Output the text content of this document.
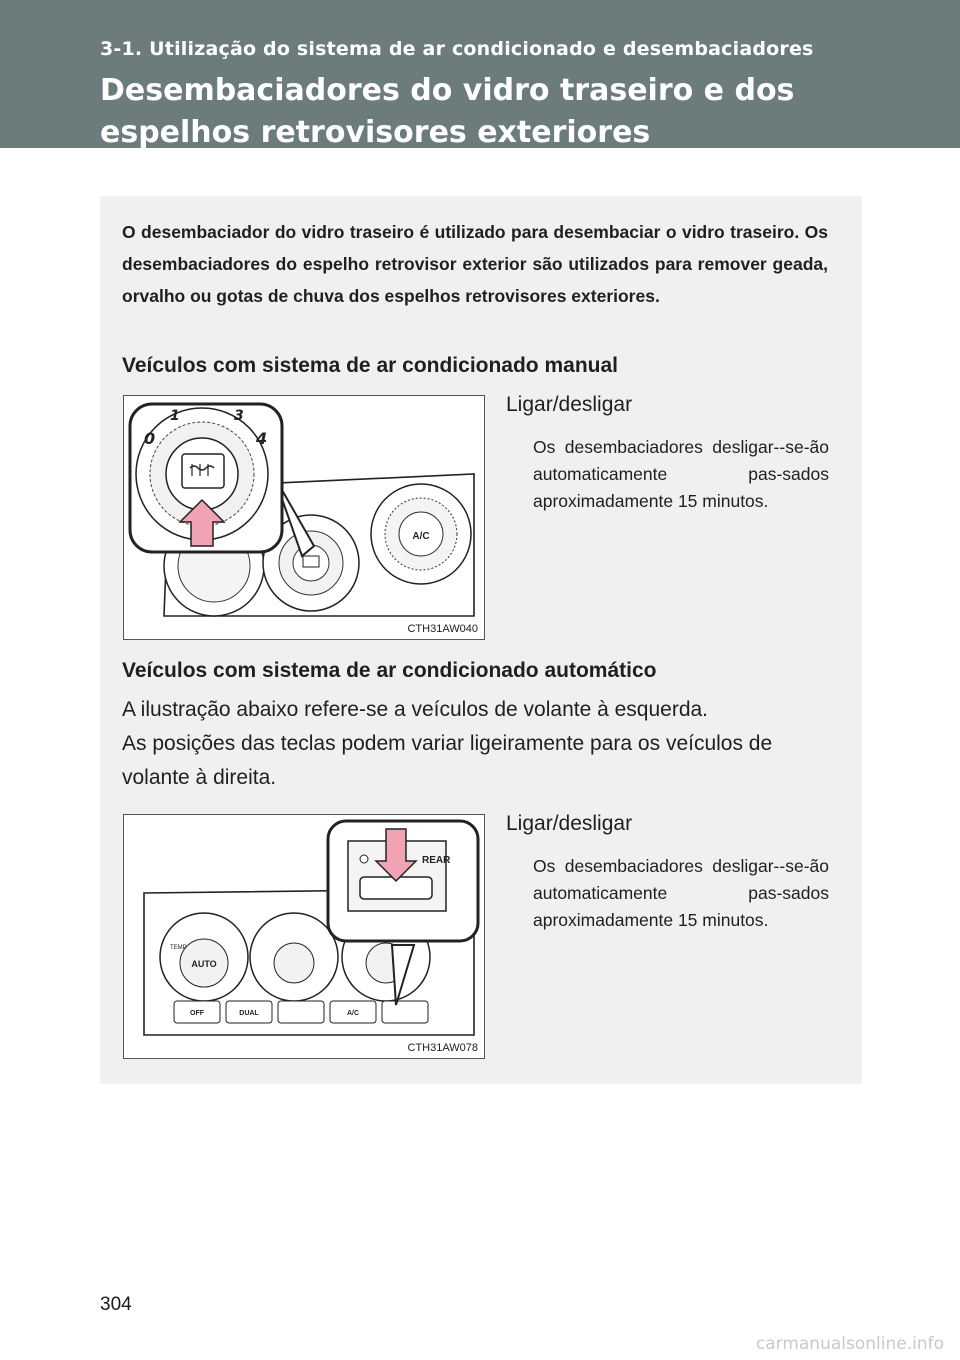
3-1. Utilização do sistema de ar condicionado e desembaciadores
Desembaciadores do vidro traseiro e dos espelhos retrovisores exteriores
O desembaciador do vidro traseiro é utilizado para desembaciar o vidro traseiro. Os desembaciadores do espelho retrovisor exterior são utilizados para remover geada, orvalho ou gotas de chuva dos espelhos retrovisores exteriores.
Veículos com sistema de ar condicionado manual
A/C
0
1	3
4
CTH31AW040
Ligar/desligar
Os desembaciadores desligar--se-ão automaticamente pas-sados aproximadamente 15 minutos.
Veículos com sistema de ar condicionado automático
A ilustração abaixo refere-se a veículos de volante à esquerda.
As posições das teclas podem variar ligeiramente para os veículos de volante à direita.
AUTO
TEMP
OFF	DUAL	A/C
REAR
CTH31AW078
Ligar/desligar
Os desembaciadores desligar--se-ão automaticamente pas-sados aproximadamente 15 minutos.
304
carmanualsonline.info
